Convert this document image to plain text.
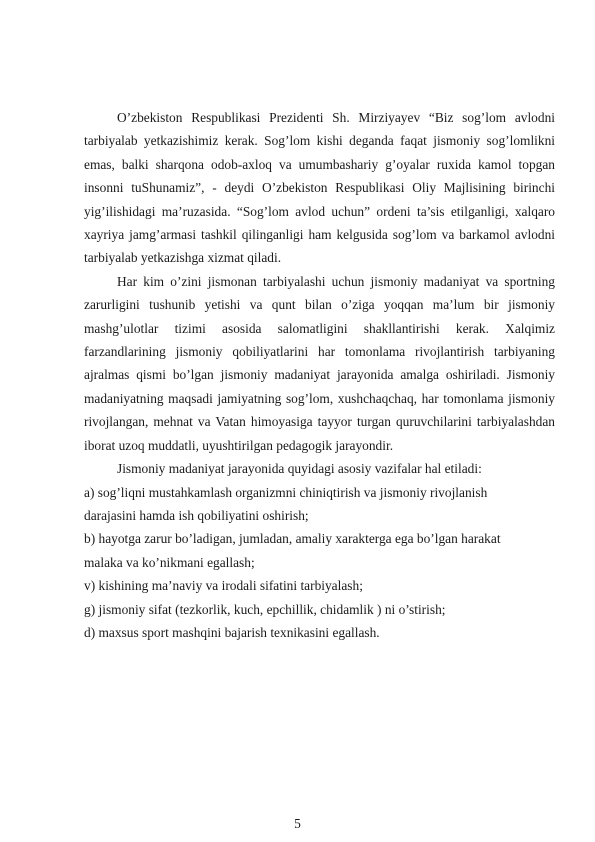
O’zbekiston Respublikasi Prezidenti Sh. Mirziyayev “Biz sog’lom avlodni tarbiyalab yetkazishimiz kerak. Sog’lom kishi deganda faqat jismoniy sog’lomlikni emas, balki sharqona odob-axloq va umumbashariy g’oyalar ruxida kamol topgan insonni tuShunamiz”, - deydi O’zbekiston Respublikasi Oliy Majlisining birinchi yig’ilishidagi ma’ruzasida. “Sog’lom avlod uchun” ordeni ta’sis etilganligi, xalqaro xayriya jamg’armasi tashkil qilinganligi ham kelgusida sog’lom va barkamol avlodni tarbiyalab yetkazishga xizmat qiladi.

Har kim o’zini jismonan tarbiyalashi uchun jismoniy madaniyat va sportning zarurligini tushunib yetishi va qunt bilan o’ziga yoqqan ma’lum bir jismoniy mashg’ulotlar tizimi asosida salomatligini shakllantirishi kerak. Xalqimiz farzandlarining jismoniy qobiliyatlarini har tomonlama rivojlantirish tarbiyaning ajralmas qismi bo’lgan jismoniy madaniyat jarayonida amalga oshiriladi. Jismoniy madaniyatning maqsadi jamiyatning sog’lom, xushchaqchaq, har tomonlama jismoniy rivojlangan, mehnat va Vatan himoyasiga tayyor turgan quruvchilarini tarbiyalashdan iborat uzoq muddatli, uyushtirilgan pedagogik jarayondir.

Jismoniy madaniyat jarayonida quyidagi asosiy vazifalar hal etiladi:

a) sog’liqni mustahkamlash organizmni chiniqtirish va jismoniy rivojlanish

darajasini hamda ish qobiliyatini oshirish;

b) hayotga zarur bo’ladigan, jumladan, amaliy xarakterga ega bo’lgan harakat

malaka va ko’nikmani egallash;

v) kishining ma’naviy va irodali sifatini tarbiyalash;

g) jismoniy sifat (tezkorlik, kuch, epchillik, chidamlik ) ni o’stirish;

d) maxsus sport mashqini bajarish texnikasini egallash.

5
